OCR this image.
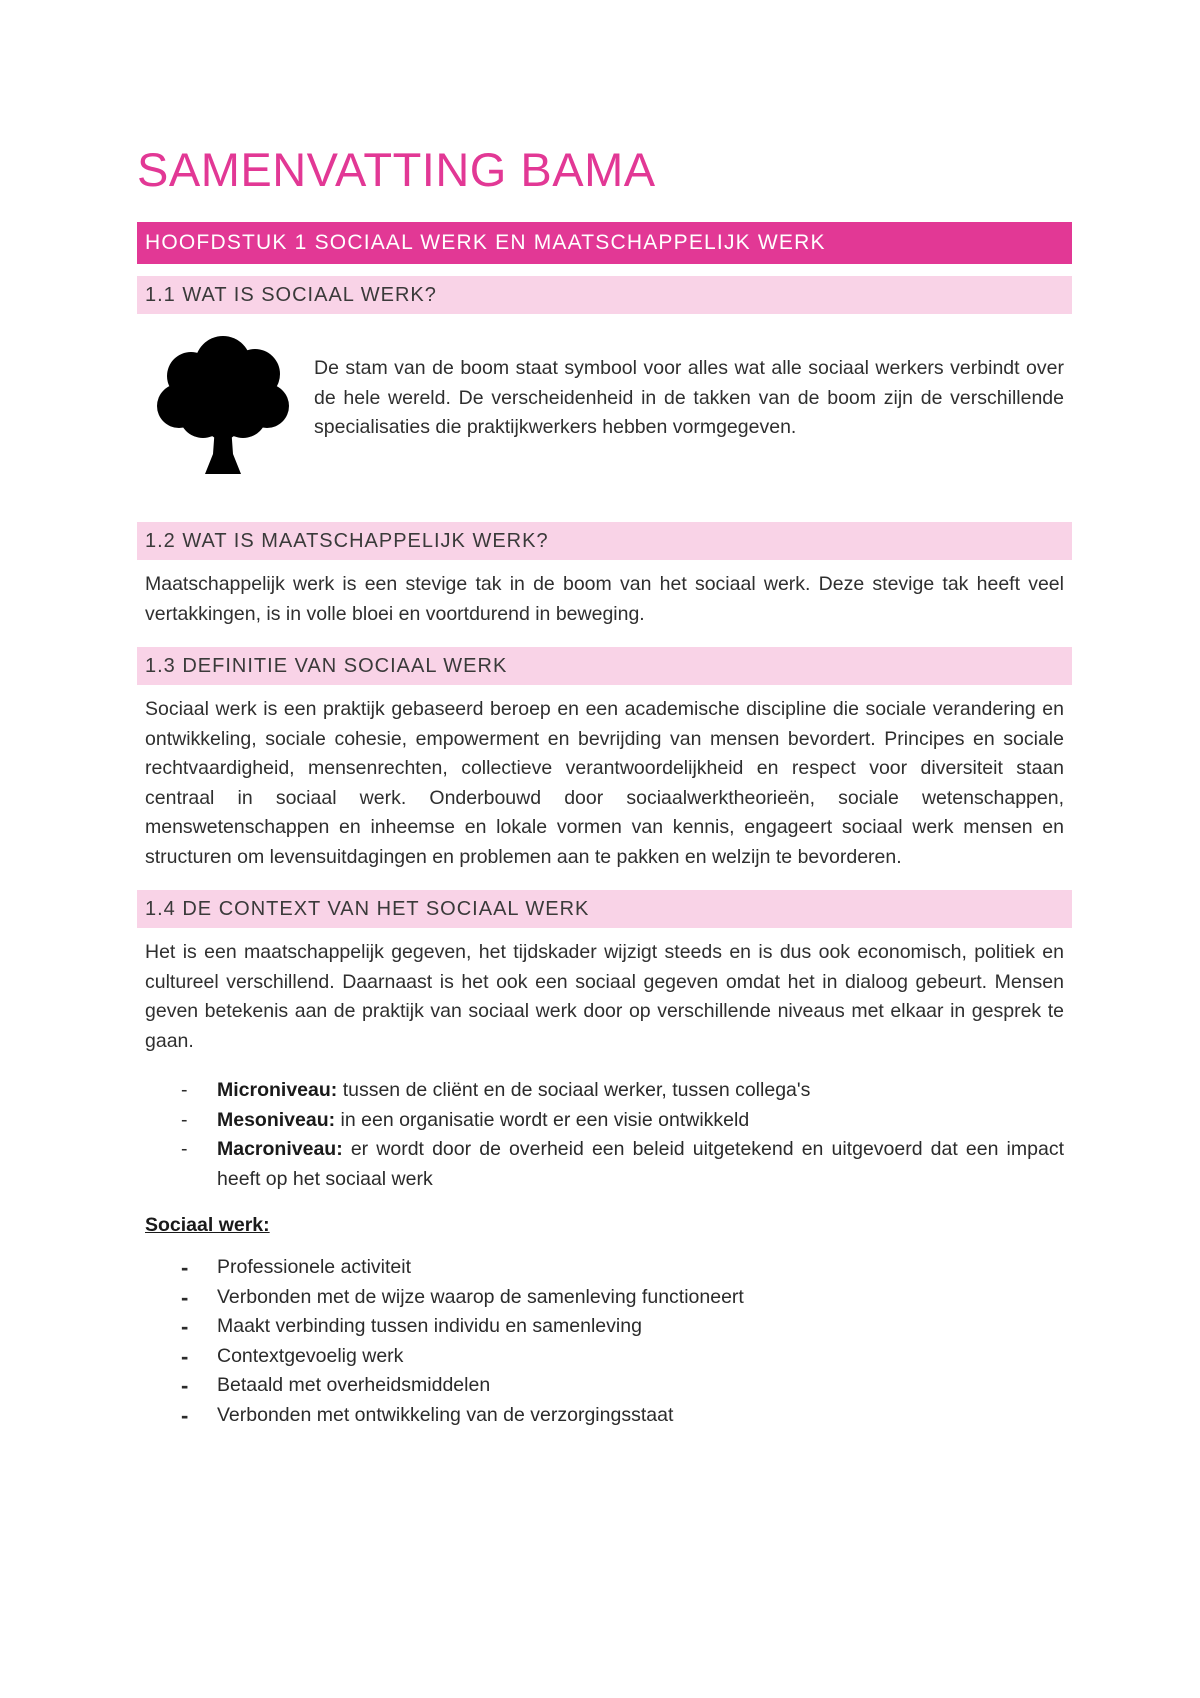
SAMENVATTING BAMA
HOOFDSTUK 1 SOCIAAL WERK EN MAATSCHAPPELIJK WERK
1.1 WAT IS SOCIAAL WERK?

De stam van de boom staat symbool voor alles wat alle sociaal werkers verbindt over de hele wereld. De verscheidenheid in de takken van de boom zijn de verschillende specialisaties die praktijkwerkers hebben vormgegeven.

1.2 WAT IS MAATSCHAPPELIJK WERK?

Maatschappelijk werk is een stevige tak in de boom van het sociaal werk. Deze stevige tak heeft veel vertakkingen, is in volle bloei en voortdurend in beweging.

1.3 DEFINITIE VAN SOCIAAL WERK

Sociaal werk is een praktijk gebaseerd beroep en een academische discipline die sociale verandering en ontwikkeling, sociale cohesie, empowerment en bevrijding van mensen bevordert. Principes en sociale rechtvaardigheid, mensenrechten, collectieve verantwoordelijkheid en respect voor diversiteit staan centraal in sociaal werk. Onderbouwd door sociaalwerktheorieën, sociale wetenschappen, menswetenschappen en inheemse en lokale vormen van kennis, engageert sociaal werk mensen en structuren om levensuitdagingen en problemen aan te pakken en welzijn te bevorderen.

1.4 DE CONTEXT VAN HET SOCIAAL WERK

Het is een maatschappelijk gegeven, het tijdskader wijzigt steeds en is dus ook economisch, politiek en cultureel verschillend. Daarnaast is het ook een sociaal gegeven omdat het in dialoog gebeurt. Mensen geven betekenis aan de praktijk van sociaal werk door op verschillende niveaus met elkaar in gesprek te gaan.

- Microniveau: tussen de cliënt en de sociaal werker, tussen collega's
- Mesoniveau: in een organisatie wordt er een visie ontwikkeld
- Macroniveau: er wordt door de overheid een beleid uitgetekend en uitgevoerd dat een impact heeft op het sociaal werk
Sociaal werk:
- Professionele activiteit
- Verbonden met de wijze waarop de samenleving functioneert
- Maakt verbinding tussen individu en samenleving
- Contextgevoelig werk
- Betaald met overheidsmiddelen
- Verbonden met ontwikkeling van de verzorgingsstaat
